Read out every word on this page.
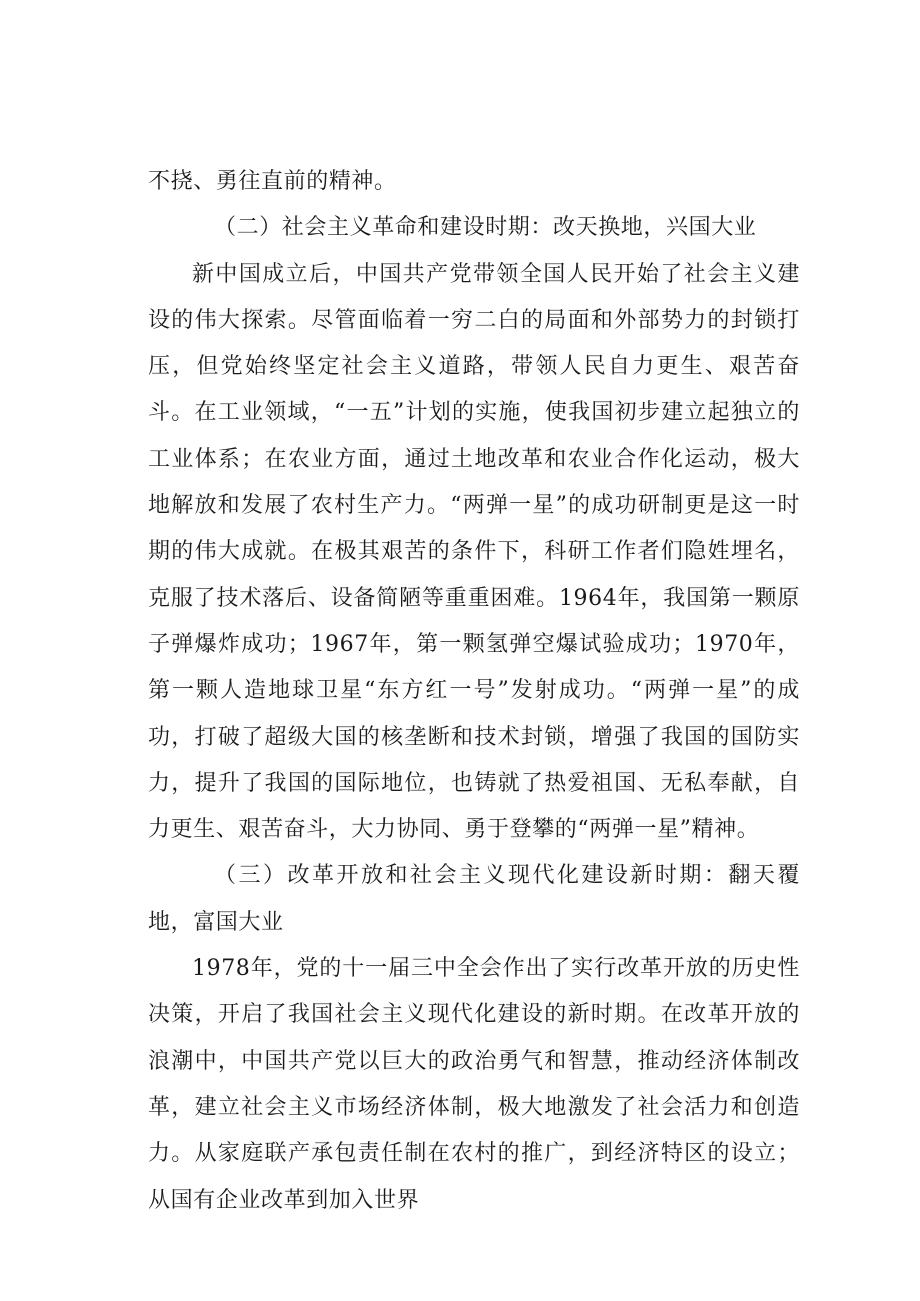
不挠、勇往直前的精神。

（二）社会主义革命和建设时期：改天换地，兴国大业

新中国成立后，中国共产党带领全国人民开始了社会主义建设的伟大探索。尽管面临着一穷二白的局面和外部势力的封锁打压，但党始终坚定社会主义道路，带领人民自力更生、艰苦奋斗。在工业领域，“一五”计划的实施，使我国初步建立起独立的工业体系；在农业方面，通过土地改革和农业合作化运动，极大地解放和发展了农村生产力。“两弹一星”的成功研制更是这一时期的伟大成就。在极其艰苦的条件下，科研工作者们隐姓埋名，克服了技术落后、设备简陋等重重困难。1964年，我国第一颗原子弹爆炸成功；1967年，第一颗氢弹空爆试验成功；1970年，第一颗人造地球卫星“东方红一号”发射成功。“两弹一星”的成功，打破了超级大国的核垄断和技术封锁，增强了我国的国防实力，提升了我国的国际地位，也铸就了热爱祖国、无私奉献，自力更生、艰苦奋斗，大力协同、勇于登攀的“两弹一星”精神。

（三）改革开放和社会主义现代化建设新时期：翻天覆地，富国大业

1978年，党的十一届三中全会作出了实行改革开放的历史性决策，开启了我国社会主义现代化建设的新时期。在改革开放的浪潮中，中国共产党以巨大的政治勇气和智慧，推动经济体制改革，建立社会主义市场经济体制，极大地激发了社会活力和创造力。从家庭联产承包责任制在农村的推广，到经济特区的设立；从国有企业改革到加入世界
